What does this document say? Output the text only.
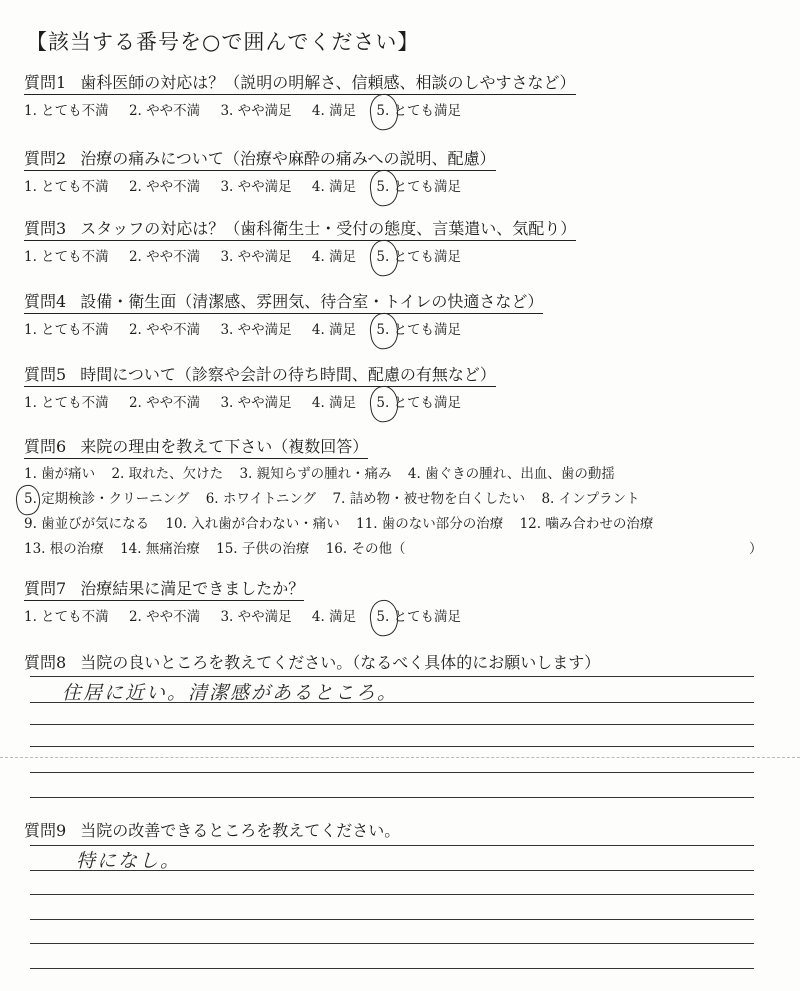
【該当する番号を○で囲んでください】
質問1 歯科医師の対応は？（説明の明解さ、信頼感、相談のしやすさなど）
1. とても不満 2. やや不満 3. やや満足 4. 満足 5. とても満足
質問2 治療の痛みについて（治療や麻酔の痛みへの説明、配慮）
1. とても不満 2. やや不満 3. やや満足 4. 満足 5. とても満足
質問3 スタッフの対応は？（歯科衛生士・受付の態度、言葉遣い、気配り）
1. とても不満 2. やや不満 3. やや満足 4. 満足 5. とても満足
質問4 設備・衛生面（清潔感、雰囲気、待合室・トイレの快適さなど）
1. とても不満 2. やや不満 3. やや満足 4. 満足 5. とても満足
質問5 時間について（診察や会計の待ち時間、配慮の有無など）
1. とても不満 2. やや不満 3. やや満足 4. 満足 5. とても満足
質問6 来院の理由を教えて下さい（複数回答）
1. 歯が痛い 2. 取れた、欠けた 3. 親知らずの腫れ・痛み 4. 歯ぐきの腫れ、出血、歯の動揺
5. 定期検診・クリーニング 6. ホワイトニング 7. 詰め物・被せ物を白くしたい 8. インプラント
9. 歯並びが気になる 10. 入れ歯が合わない・痛い 11. 歯のない部分の治療 12. 噛み合わせの治療
13. 根の治療 14. 無痛治療 15. 子供の治療 16. その他（	）
質問7 治療結果に満足できましたか？
1. とても不満 2. やや不満 3. やや満足 4. 満足 5. とても満足
質問8 当院の良いところを教えてください。（なるべく具体的にお願いします）
住居に近い。清潔感があるところ。
質問9 当院の改善できるところを教えてください。
特になし。
